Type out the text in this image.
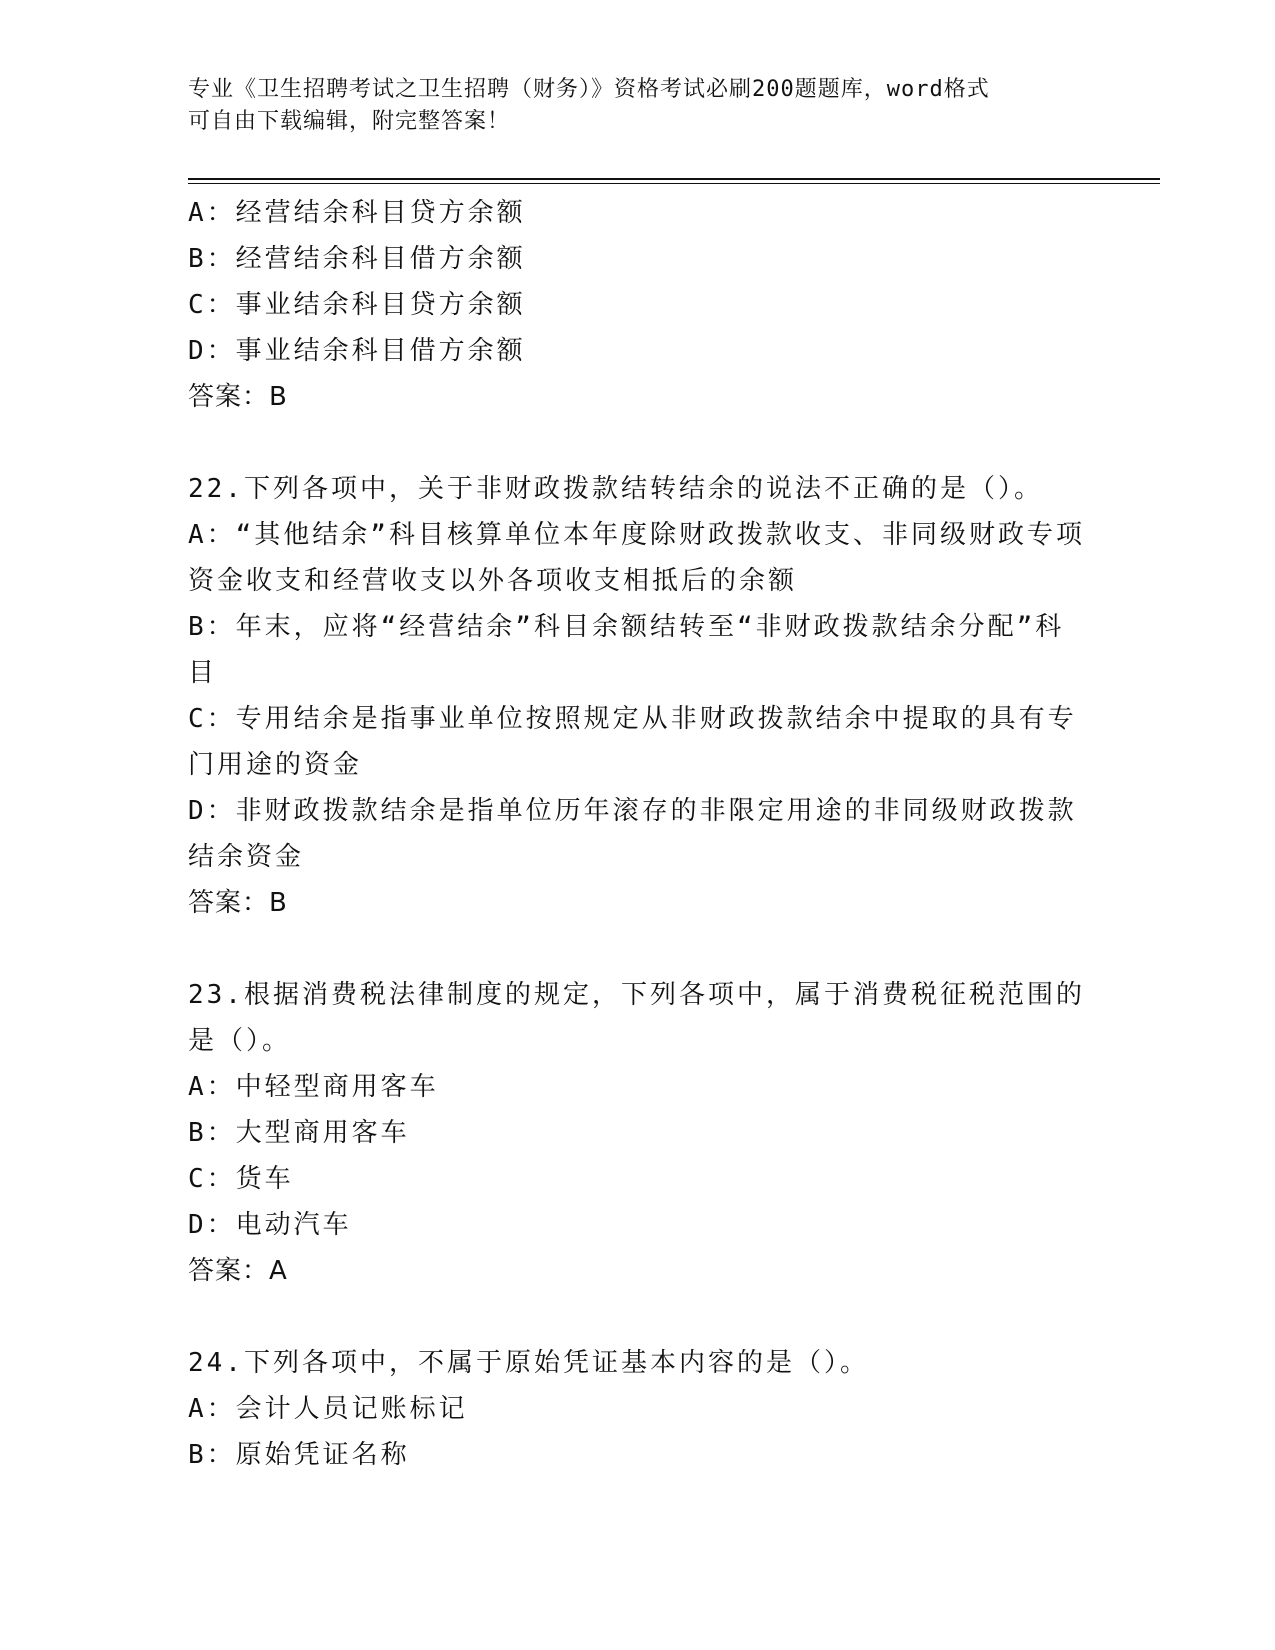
专业《卫生招聘考试之卫生招聘（财务）》资格考试必刷200题题库，word格式
可自由下载编辑，附完整答案！

A：经营结余科目贷方余额

B：经营结余科目借方余额

C：事业结余科目贷方余额

D：事业结余科目借方余额

答案：B

22.下列各项中，关于非财政拨款结转结余的说法不正确的是（）。

A：“其他结余”科目核算单位本年度除财政拨款收支、非同级财政专项资金收支和经营收支以外各项收支相抵后的余额

B：年末，应将“经营结余”科目余额结转至“非财政拨款结余分配”科目

C：专用结余是指事业单位按照规定从非财政拨款结余中提取的具有专门用途的资金

D：非财政拨款结余是指单位历年滚存的非限定用途的非同级财政拨款结余资金

答案：B

23.根据消费税法律制度的规定，下列各项中，属于消费税征税范围的是（）。

A：中轻型商用客车

B：大型商用客车

C：货车

D：电动汽车

答案：A

24.下列各项中，不属于原始凭证基本内容的是（）。

A：会计人员记账标记

B：原始凭证名称
